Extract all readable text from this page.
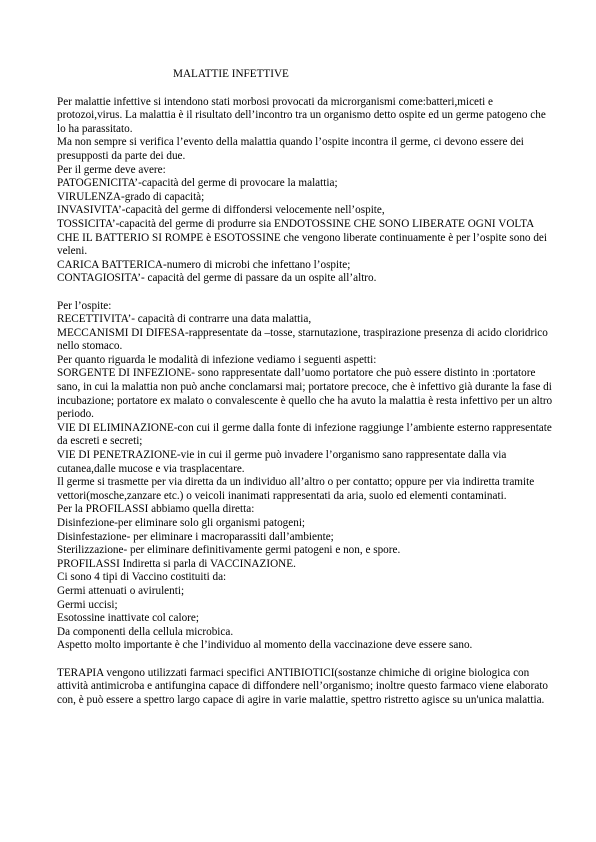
MALATTIE INFETTIVE

Per malattie infettive si intendono stati morbosi provocati da microrganismi come:batteri,miceti e protozoi,virus. La malattia è il risultato dell’incontro tra un organismo detto ospite ed un germe patogeno che lo ha parassitato.

Ma non sempre si verifica l’evento della malattia quando l’ospite incontra il germe, ci devono essere dei presupposti da parte dei due.

Per il germe deve avere:

PATOGENICITA’-capacità del germe di provocare la malattia;

VIRULENZA-grado di capacità;

INVASIVITA’-capacità del germe di diffondersi velocemente nell’ospite,

TOSSICITA’-capacità del germe di produrre sia ENDOTOSSINE CHE SONO LIBERATE OGNI VOLTA CHE IL BATTERIO SI ROMPE è ESOTOSSINE che vengono liberate continuamente è per l’ospite sono dei veleni.

CARICA BATTERICA-numero di microbi che infettano l’ospite;

CONTAGIOSITA’- capacità del germe di passare da un ospite all’altro.

Per l’ospite:

RECETTIVITA’- capacità di contrarre una data malattia,

MECCANISMI DI DIFESA-rappresentate da –tosse, starnutazione, traspirazione presenza di acido cloridrico nello stomaco.

Per quanto riguarda le modalità di infezione vediamo i seguenti aspetti:

SORGENTE DI INFEZIONE- sono rappresentate dall’uomo portatore che può essere distinto in :portatore sano, in cui la malattia non può anche conclamarsi mai; portatore precoce, che è infettivo già durante la fase di incubazione; portatore ex malato o convalescente è quello che ha avuto la malattia è resta infettivo per un altro periodo.

VIE DI ELIMINAZIONE-con cui il germe dalla fonte di infezione raggiunge l’ambiente esterno rappresentate da escreti e secreti;

VIE DI PENETRAZIONE-vie in cui il germe può invadere l’organismo sano rappresentate dalla via cutanea,dalle mucose e via trasplacentare.

Il germe si trasmette per via diretta da un individuo all’altro o per contatto; oppure per via indiretta tramite vettori(mosche,zanzare etc.) o veicoli inanimati rappresentati da aria, suolo ed elementi contaminati.

Per la PROFILASSI abbiamo quella diretta:

Disinfezione-per eliminare solo gli organismi patogeni;

Disinfestazione- per eliminare i macroparassiti dall’ambiente;

Sterilizzazione- per eliminare definitivamente germi patogeni e non, e spore.

PROFILASSI Indiretta si parla di VACCINAZIONE.

Ci sono 4 tipi di Vaccino costituiti da:

Germi attenuati o avirulenti;

Germi uccisi;

Esotossine inattivate col calore;

Da componenti della cellula microbica.

Aspetto molto importante è che l’individuo al momento della vaccinazione deve essere sano.

TERAPIA vengono utilizzati farmaci specifici ANTIBIOTICI(sostanze chimiche di origine biologica con attività antimicroba e antifungina capace di diffondere nell’organismo; inoltre questo farmaco viene elaborato con, è può essere a spettro largo capace di agire in varie malattie, spettro ristretto agisce su un'unica malattia.
